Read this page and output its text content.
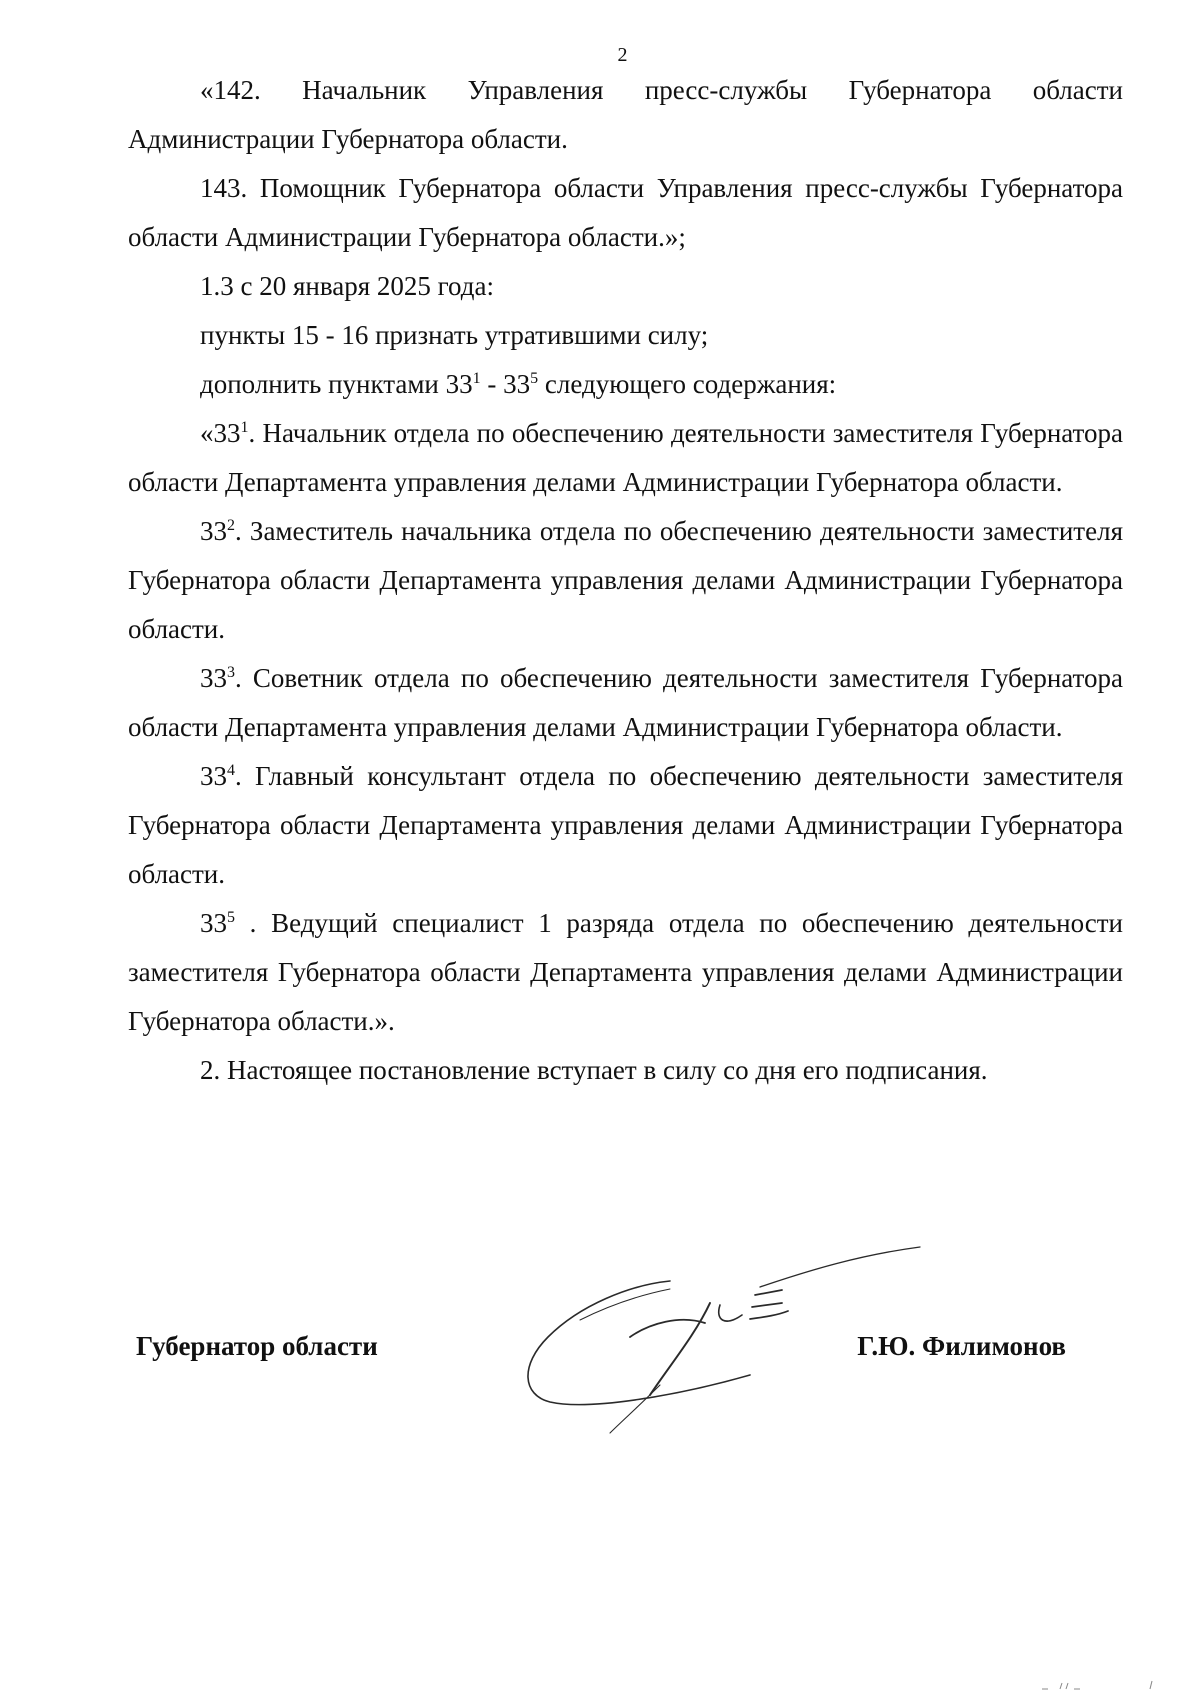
2

«142. Начальник Управления пресс-службы Губернатора области Администрации Губернатора области.

143. Помощник Губернатора области Управления пресс-службы Губернатора области Администрации Губернатора области.»;

1.3 с 20 января 2025 года:

пункты 15 - 16 признать утратившими силу;

дополнить пунктами $33^1 - 33^5$ следующего содержания:

«$33^1$. Начальник отдела по обеспечению деятельности заместителя Губернатора области Департамента управления делами Администрации Губернатора области.

$33^2$. Заместитель начальника отдела по обеспечению деятельности заместителя Губернатора области Департамента управления делами Администрации Губернатора области.

$33^3$. Советник отдела по обеспечению деятельности заместителя Губернатора области Департамента управления делами Администрации Губернатора области.

$33^4$. Главный консультант отдела по обеспечению деятельности заместителя Губернатора области Департамента управления делами Администрации Губернатора области.

$33^5$ . Ведущий специалист 1 разряда отдела по обеспечению деятельности заместителя Губернатора области Департамента управления делами Администрации Губернатора области.».

2. Настоящее постановление вступает в силу со дня его подписания.

Губернатор области	Г.Ю. Филимонов
